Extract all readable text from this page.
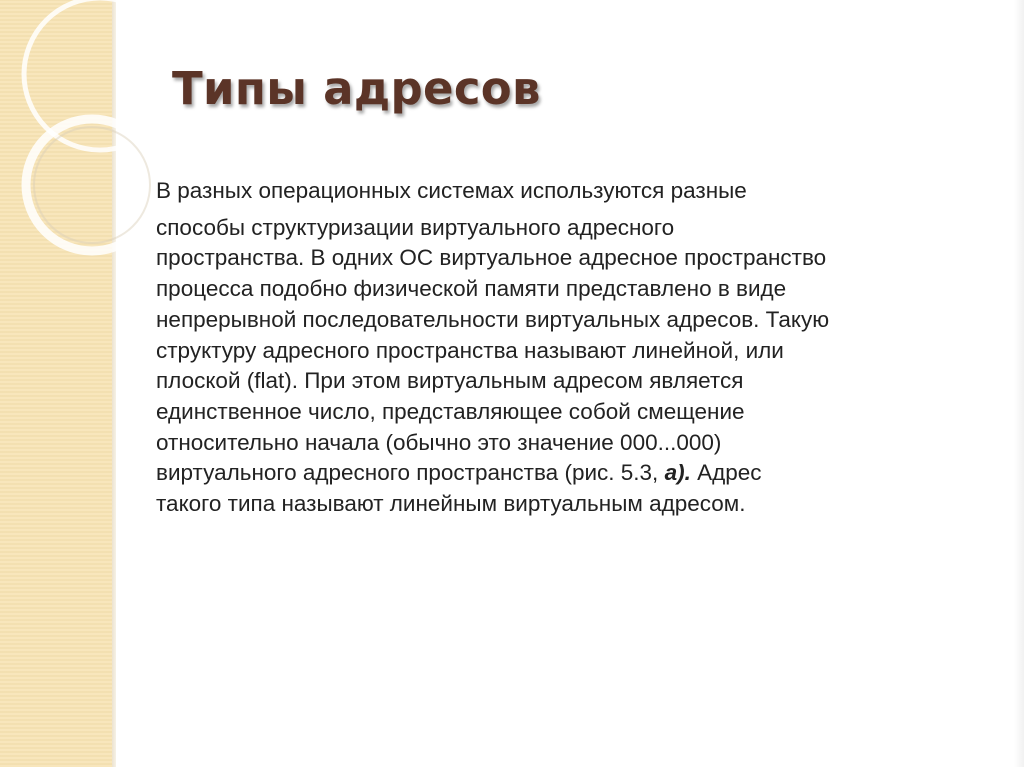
Типы адресов
В разных операционных системах используются разные
способы структуризации виртуального адресного
пространства. В одних ОС виртуальное адресное пространство
процесса подобно физической памяти представлено в виде
непрерывной последовательности виртуальных адресов. Такую
структуру адресного пространства называют линейной, или
плоской (flat). При этом виртуальным адресом является
единственное число, представляющее собой смещение
относительно начала (обычно это значение 000...000)
виртуального адресного пространства (рис. 5.3, а). Адрес
такого типа называют линейным виртуальным адресом.
